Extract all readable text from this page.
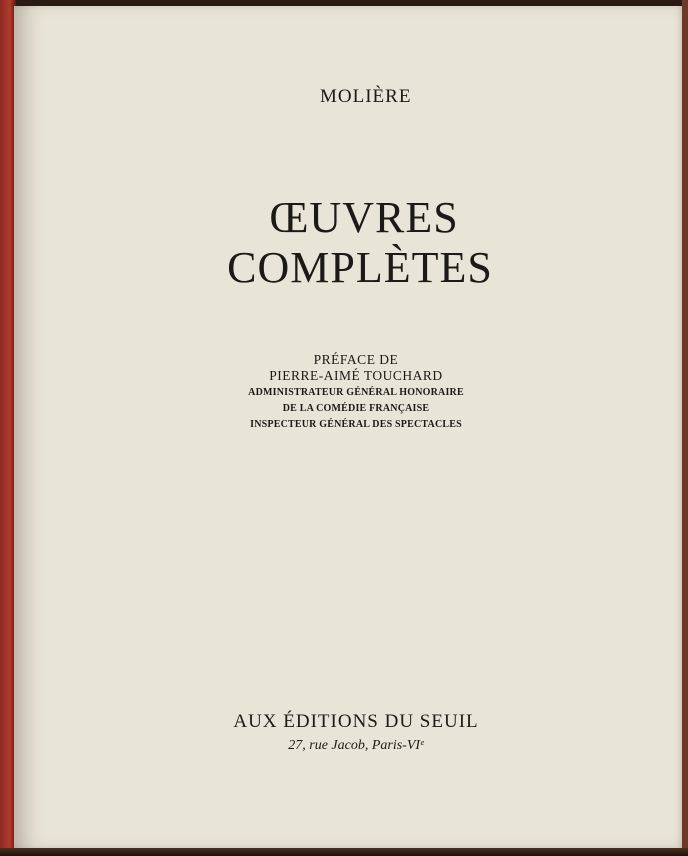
MOLIÈRE

ŒUVRES

COMPLÈTES

PRÉFACE DE

PIERRE-AIMÉ TOUCHARD

ADMINISTRATEUR GÉNÉRAL HONORAIRE

DE LA COMÉDIE FRANÇAISE

INSPECTEUR GÉNÉRAL DES SPECTACLES

AUX ÉDITIONS DU SEUIL

27, rue Jacob, Paris-VIᵉ
